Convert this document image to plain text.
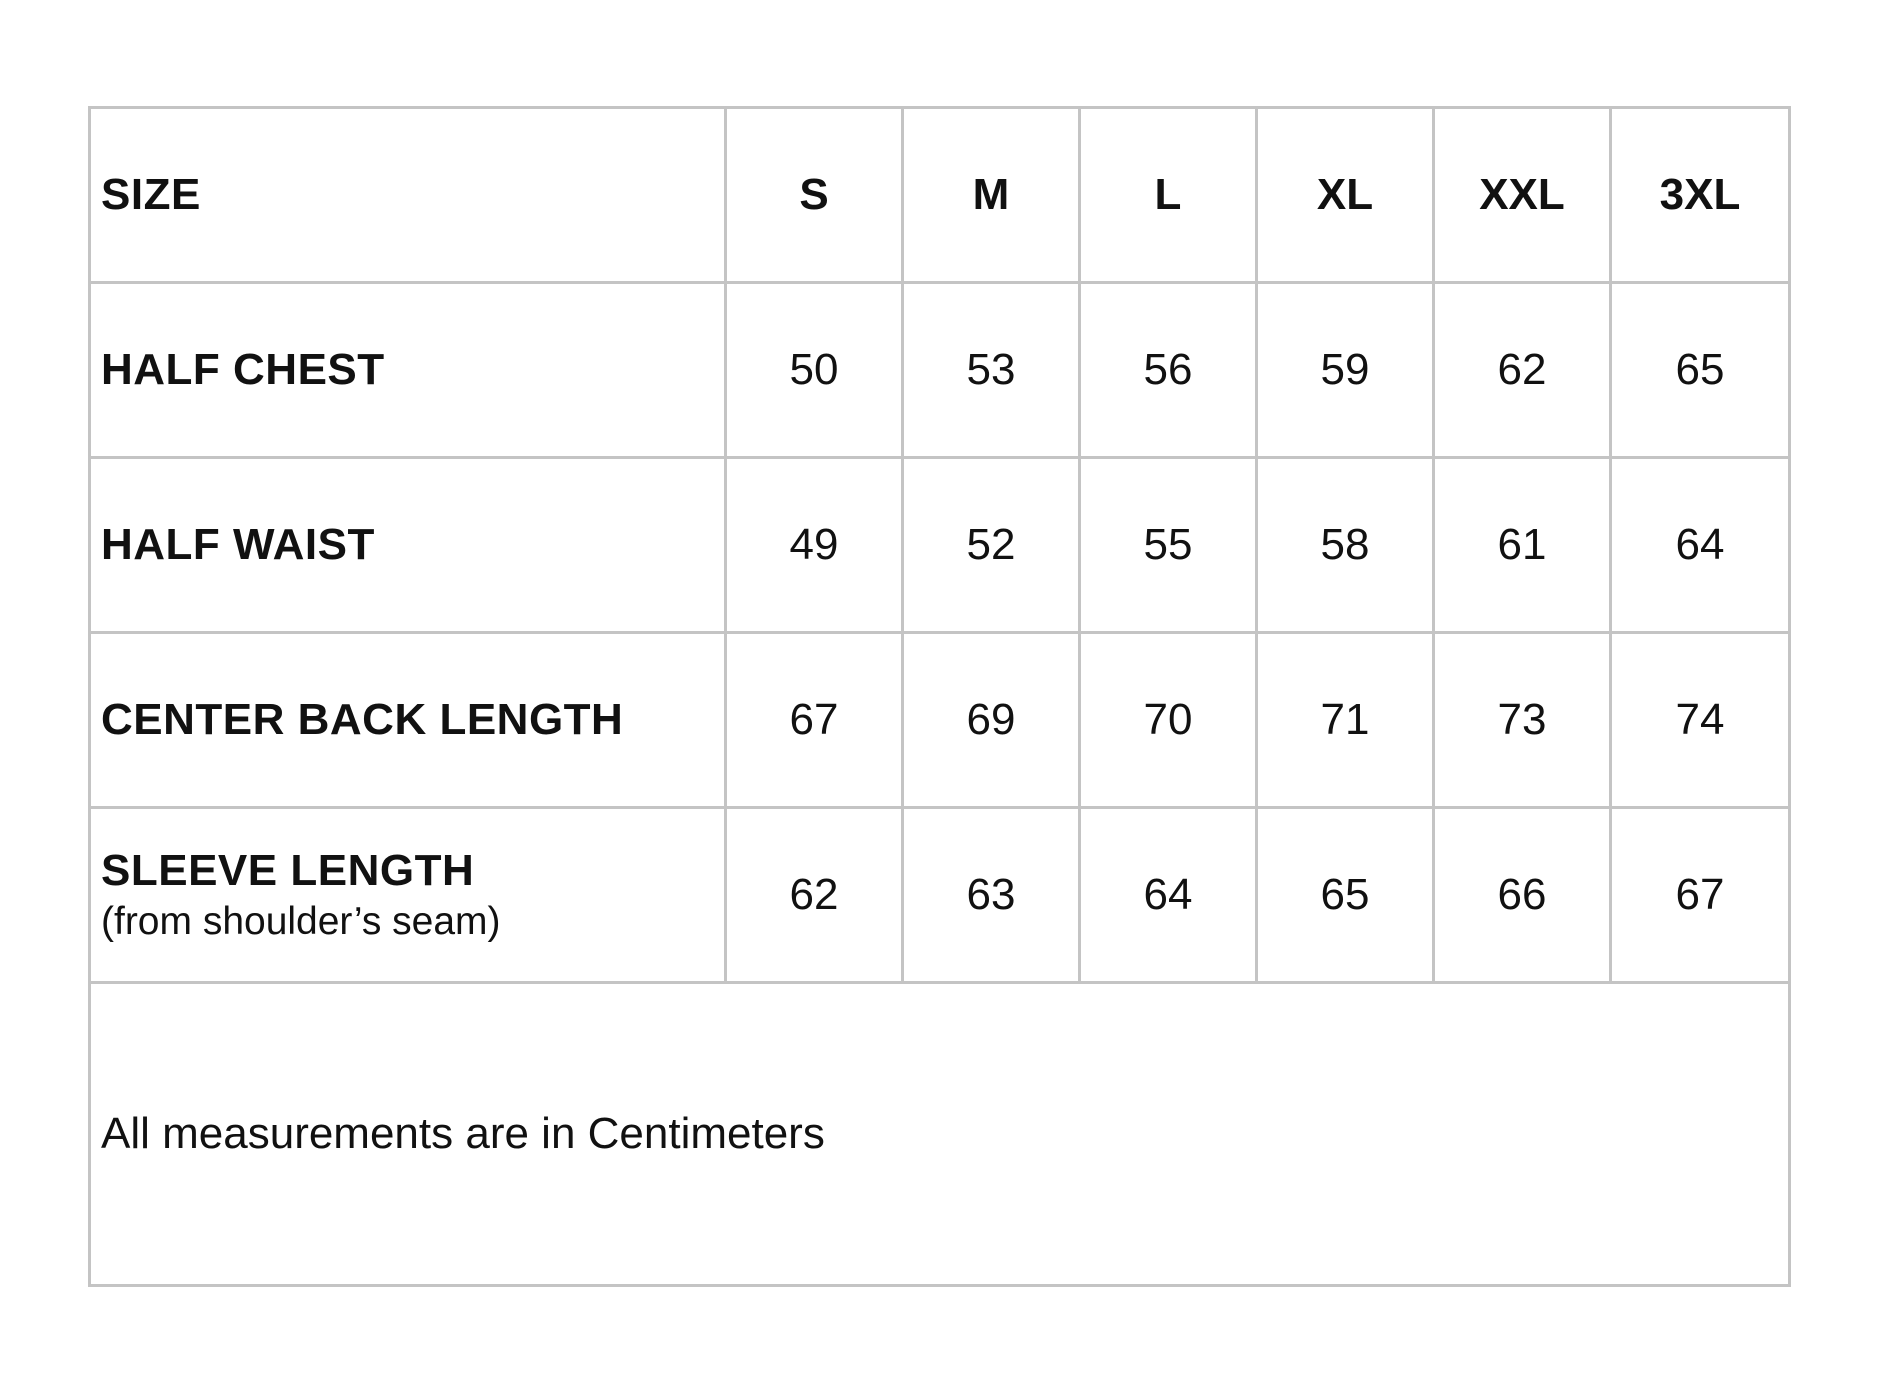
SIZE	S	M	L	XL	XXL	3XL
HALF CHEST	50	53	56	59	62	65
HALF WAIST	49	52	55	58	61	64
CENTER BACK LENGTH	67	69	70	71	73	74

SLEEVE LENGTH
(from shoulder’s seam)	62	63	64	65	66	67
All measurements are in Centimeters						
